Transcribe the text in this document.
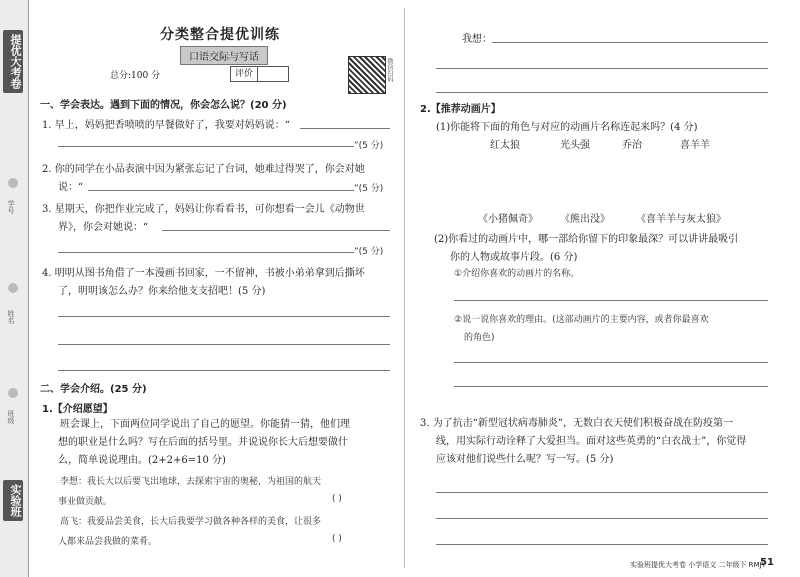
提优大考卷
学号
姓名
班级
实验班
分类整合提优训练
口语交际与写话
总分:100 分	评价	微信扫码
一、学会表达。遇到下面的情况，你会怎么说？(20 分)
1. 早上，妈妈把香喷喷的早餐做好了，我要对妈妈说：“
”(5 分)
2. 你的同学在小品表演中因为紧张忘记了台词，她难过得哭了，你会对她
说：“	”(5 分)
3. 星期天，你把作业完成了，妈妈让你看看书，可你想看一会儿《动物世
界》，你会对她说：“
”(5 分)
4. 明明从图书角借了一本漫画书回家，一不留神，书被小弟弟拿到后撕坏
了，明明该怎么办？你来给他支支招吧！(5 分)
二、学会介绍。(25 分)
1.【介绍愿望】
班会课上，下面两位同学说出了自己的愿望。你能猜一猜，他们理
想的职业是什么吗？写在后面的括号里。并说说你长大后想要做什
么，简单说说理由。(2+2+6=10 分)
李想：我长大以后要飞出地球，去探索宇宙的奥秘，为祖国的航天
事业做贡献。	( )
高飞：我爱品尝美食，长大后我要学习做各种各样的美食，让很多
人都来品尝我做的菜肴。	( )
我想：
2.【推荐动画片】
(1)你能将下面的角色与对应的动画片名称连起来吗？(4 分)
红太狼	光头强	乔治	喜羊羊
《小猪佩奇》 《熊出没》	《喜羊羊与灰太狼》
(2)你看过的动画片中，哪一部给你留下的印象最深？可以讲讲最吸引
你的人物或故事片段。(6 分)
①介绍你喜欢的动画片的名称。
②说一说你喜欢的理由。(这部动画片的主要内容，或者你最喜欢
的角色)
3. 为了抗击“新型冠状病毒肺炎”，无数白衣天使们积极奋战在防疫第一
线，用实际行动诠释了大爱担当。面对这些英勇的“白衣战士”，你觉得
应该对他们说些什么呢？写一写。(5 分)
实验班提优大考卷 小学语文 二年级下 RMJY
51
